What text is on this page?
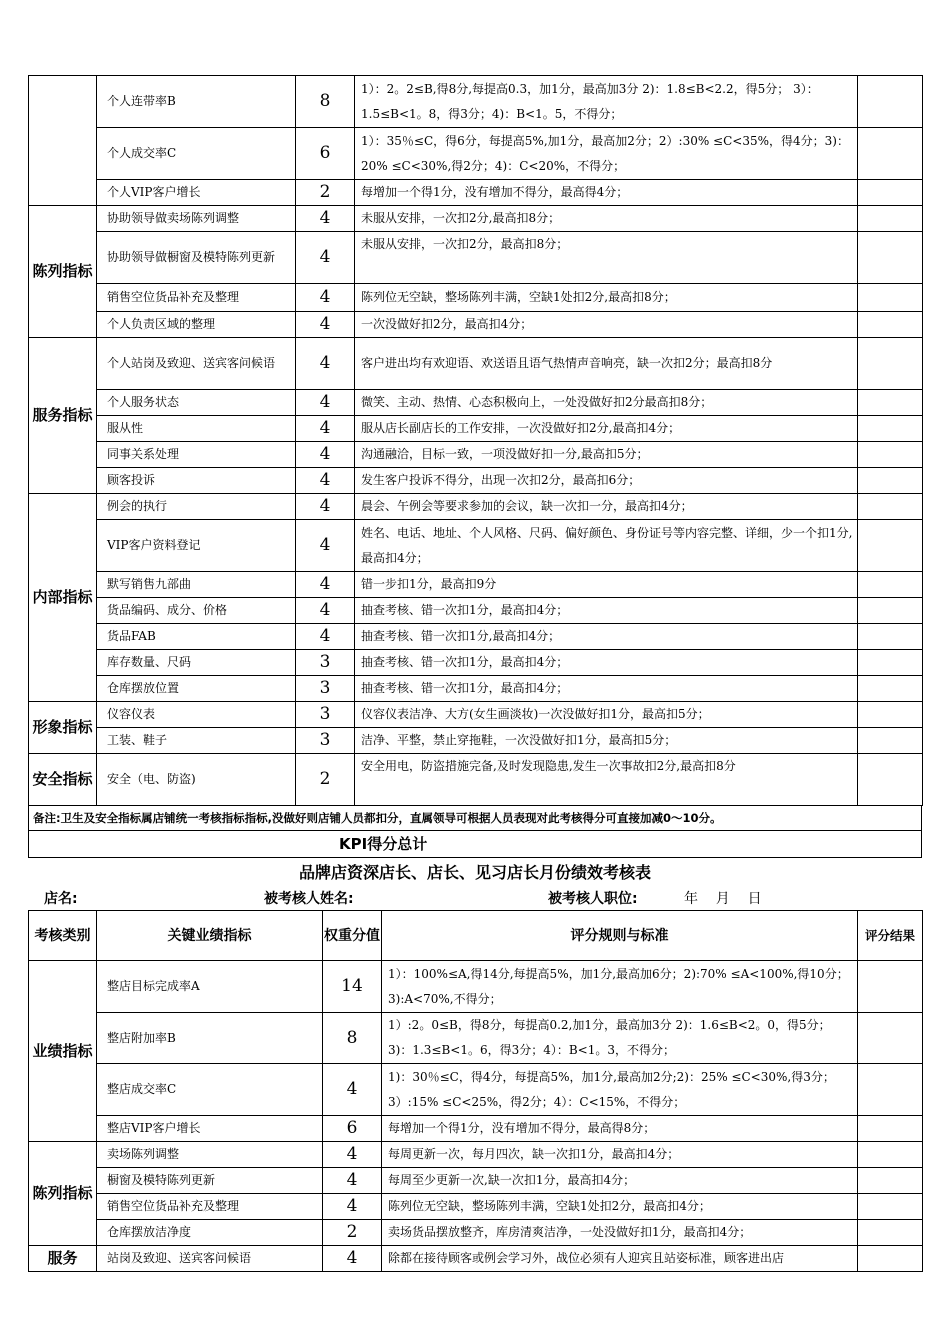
	个人连带率B	8	1）：2。2≤B,得8分,每提高0.3，加1分，最高加3分 2)：1.8≤B<2.2，得5分； 3）：1.5≤B<1。8，得3分；4)：B<1。5，不得分；	
	个人成交率C	6	1）：35％≤C，得6分，每提高5%,加1分，最高加2分；2）:30% ≤C<35%，得4分；3)：20% ≤C<30%,得2分；4)：C<20%，不得分；	
	个人VIP客户增长	2	每增加一个得1分，没有增加不得分，最高得4分；	
陈列指标	协助领导做卖场陈列调整	4	未服从安排，一次扣2分,最高扣8分；	
	协助领导做橱窗及模特陈列更新	4	未服从安排，一次扣2分，最高扣8分；	
	销售空位货品补充及整理	4	陈列位无空缺，整场陈列丰满，空缺1处扣2分,最高扣8分；	
	个人负责区域的整理	4	一次没做好扣2分，最高扣4分；	
服务指标	个人站岗及致迎、送宾客问候语	4	客户进出均有欢迎语、欢送语且语气热情声音响亮，缺一次扣2分；最高扣8分	
	个人服务状态	4	微笑、主动、热情、心态积极向上，一处没做好扣2分最高扣8分；	
	服从性	4	服从店长副店长的工作安排，一次没做好扣2分,最高扣4分；	
	同事关系处理	4	沟通融洽，目标一致，一项没做好扣一分,最高扣5分；	
	顾客投诉	4	发生客户投诉不得分，出现一次扣2分，最高扣6分；	
内部指标	例会的执行	4	晨会、午例会等要求参加的会议，缺一次扣一分，最高扣4分；	
	VIP客户资料登记	4	姓名、电话、地址、个人风格、尺码、偏好颜色、身份证号等内容完整、详细，少一个扣1分,最高扣4分；	
	默写销售九部曲	4	错一步扣1分，最高扣9分	
	货品编码、成分、价格	4	抽查考核、错一次扣1分，最高扣4分；	
	货品FAB	4	抽查考核、错一次扣1分,最高扣4分；	
	库存数量、尺码	3	抽查考核、错一次扣1分，最高扣4分；	
	仓库摆放位置	3	抽查考核、错一次扣1分，最高扣4分；	
形象指标	仪容仪表	3	仪容仪表洁净、大方(女生画淡妆)一次没做好扣1分，最高扣5分；	
	工装、鞋子	3	洁净、平整，禁止穿拖鞋，一次没做好扣1分，最高扣5分；	
安全指标	安全（电、防盗)	2	安全用电，防盗措施完备,及时发现隐患,发生一次事故扣2分,最高扣8分	
备注:卫生及安全指标属店铺统一考核指标指标,没做好则店铺人员都扣分，直属领导可根据人员表现对此考核得分可直接加减0～10分。
KPI得分总计
品牌店资深店长、店长、见习店长月份绩效考核表
店名:	被考核人姓名:	被考核人职位:	年    月    日
考核类别	关键业绩指标	权重分值	评分规则与标准	评分结果
业绩指标	整店目标完成率A	14	1）：100%≤A,得14分,每提高5%，加1分,最高加6分；2):70% ≤A<100%,得10分；3):A<70%,不得分；	
	整店附加率B	8	1）:2。0≤B，得8分，每提高0.2,加1分，最高加3分 2)：1.6≤B<2。0，得5分； 3)：1.3≤B<1。6，得3分；4）：B<1。3，不得分；	
	整店成交率C	4	1)：30％≤C，得4分，每提高5%，加1分,最高加2分;2)：25% ≤C<30%,得3分；3）:15% ≤C<25%，得2分；4）：C<15%，不得分；	
	整店VIP客户增长	6	每增加一个得1分，没有增加不得分，最高得8分；	
陈列指标	卖场陈列调整	4	每周更新一次，每月四次，缺一次扣1分，最高扣4分；	
	橱窗及模特陈列更新	4	每周至少更新一次,缺一次扣1分，最高扣4分；	
	销售空位货品补充及整理	4	陈列位无空缺，整场陈列丰满，空缺1处扣2分，最高扣4分；	
	仓库摆放洁净度	2	卖场货品摆放整齐，库房清爽洁净，一处没做好扣1分，最高扣4分；	
服务	站岗及致迎、送宾客问候语	4	除都在接待顾客或例会学习外，战位必须有人迎宾且站姿标准，顾客进出店	
